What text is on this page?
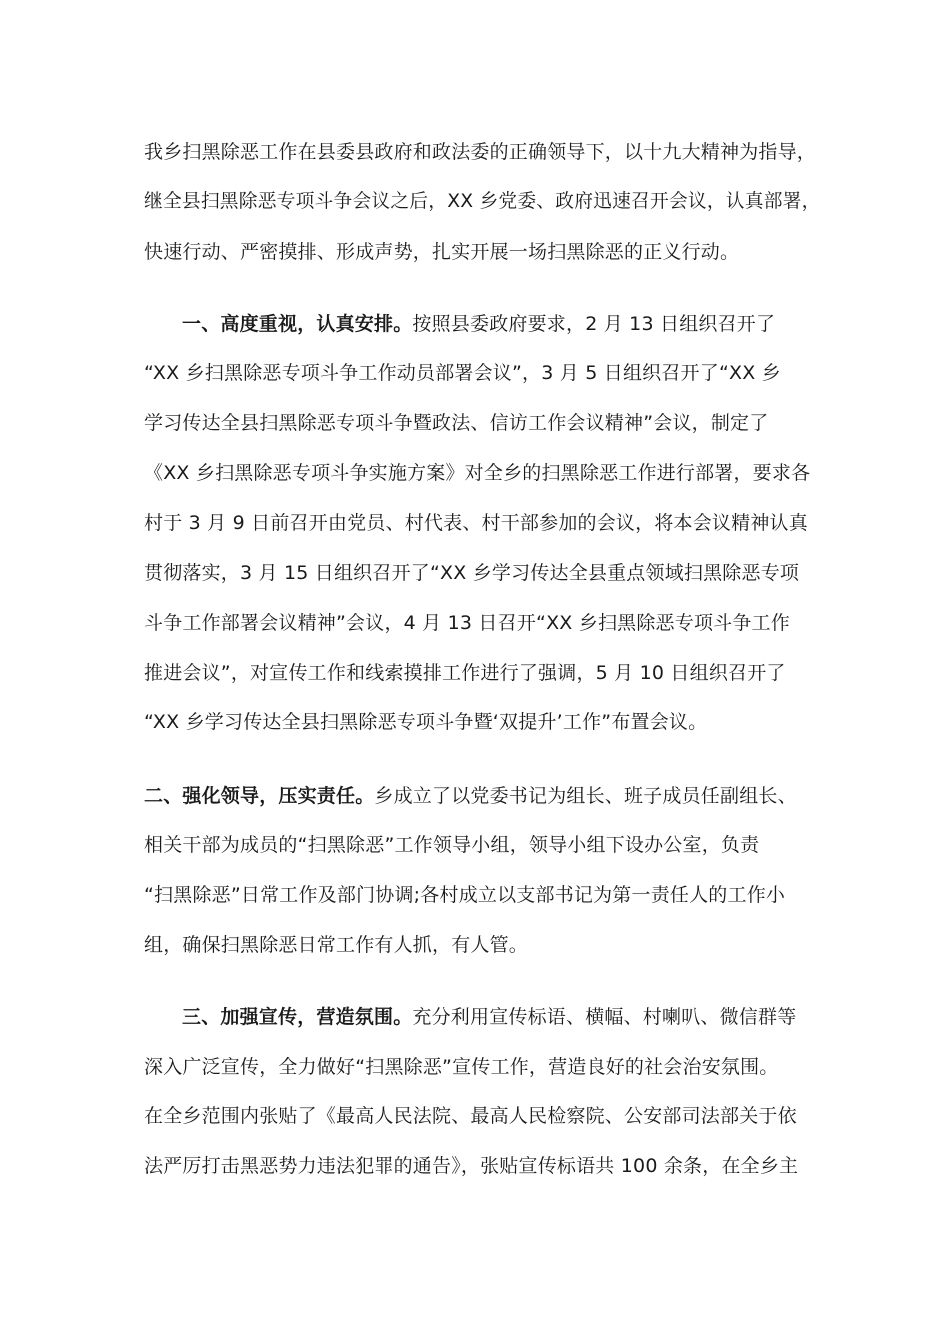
我乡扫黑除恶工作在县委县政府和政法委的正确领导下，以十九大精神为指导，
继全县扫黑除恶专项斗争会议之后，XX 乡党委、政府迅速召开会议，认真部署，
快速行动、严密摸排、形成声势，扎实开展一场扫黑除恶的正义行动。
一、高度重视，认真安排。按照县委政府要求，2 月 13 日组织召开了
“XX 乡扫黑除恶专项斗争工作动员部署会议”，3 月 5 日组织召开了“XX 乡
学习传达全县扫黑除恶专项斗争暨政法、信访工作会议精神”会议，制定了
《XX 乡扫黑除恶专项斗争实施方案》对全乡的扫黑除恶工作进行部署，要求各
村于 3 月 9 日前召开由党员、村代表、村干部参加的会议，将本会议精神认真
贯彻落实，3 月 15 日组织召开了“XX 乡学习传达全县重点领域扫黑除恶专项
斗争工作部署会议精神”会议，4 月 13 日召开“XX 乡扫黑除恶专项斗争工作
推进会议”，对宣传工作和线索摸排工作进行了强调，5 月 10 日组织召开了
“XX 乡学习传达全县扫黑除恶专项斗争暨‘双提升’工作”布置会议。
二、强化领导，压实责任。乡成立了以党委书记为组长、班子成员任副组长、
相关干部为成员的“扫黑除恶”工作领导小组，领导小组下设办公室，负责
“扫黑除恶”日常工作及部门协调;各村成立以支部书记为第一责任人的工作小
组，确保扫黑除恶日常工作有人抓，有人管。
三、加强宣传，营造氛围。充分利用宣传标语、横幅、村喇叭、微信群等
深入广泛宣传，全力做好“扫黑除恶”宣传工作，营造良好的社会治安氛围。
在全乡范围内张贴了《最高人民法院、最高人民检察院、公安部司法部关于依
法严厉打击黑恶势力违法犯罪的通告》，张贴宣传标语共 100 余条，在全乡主
